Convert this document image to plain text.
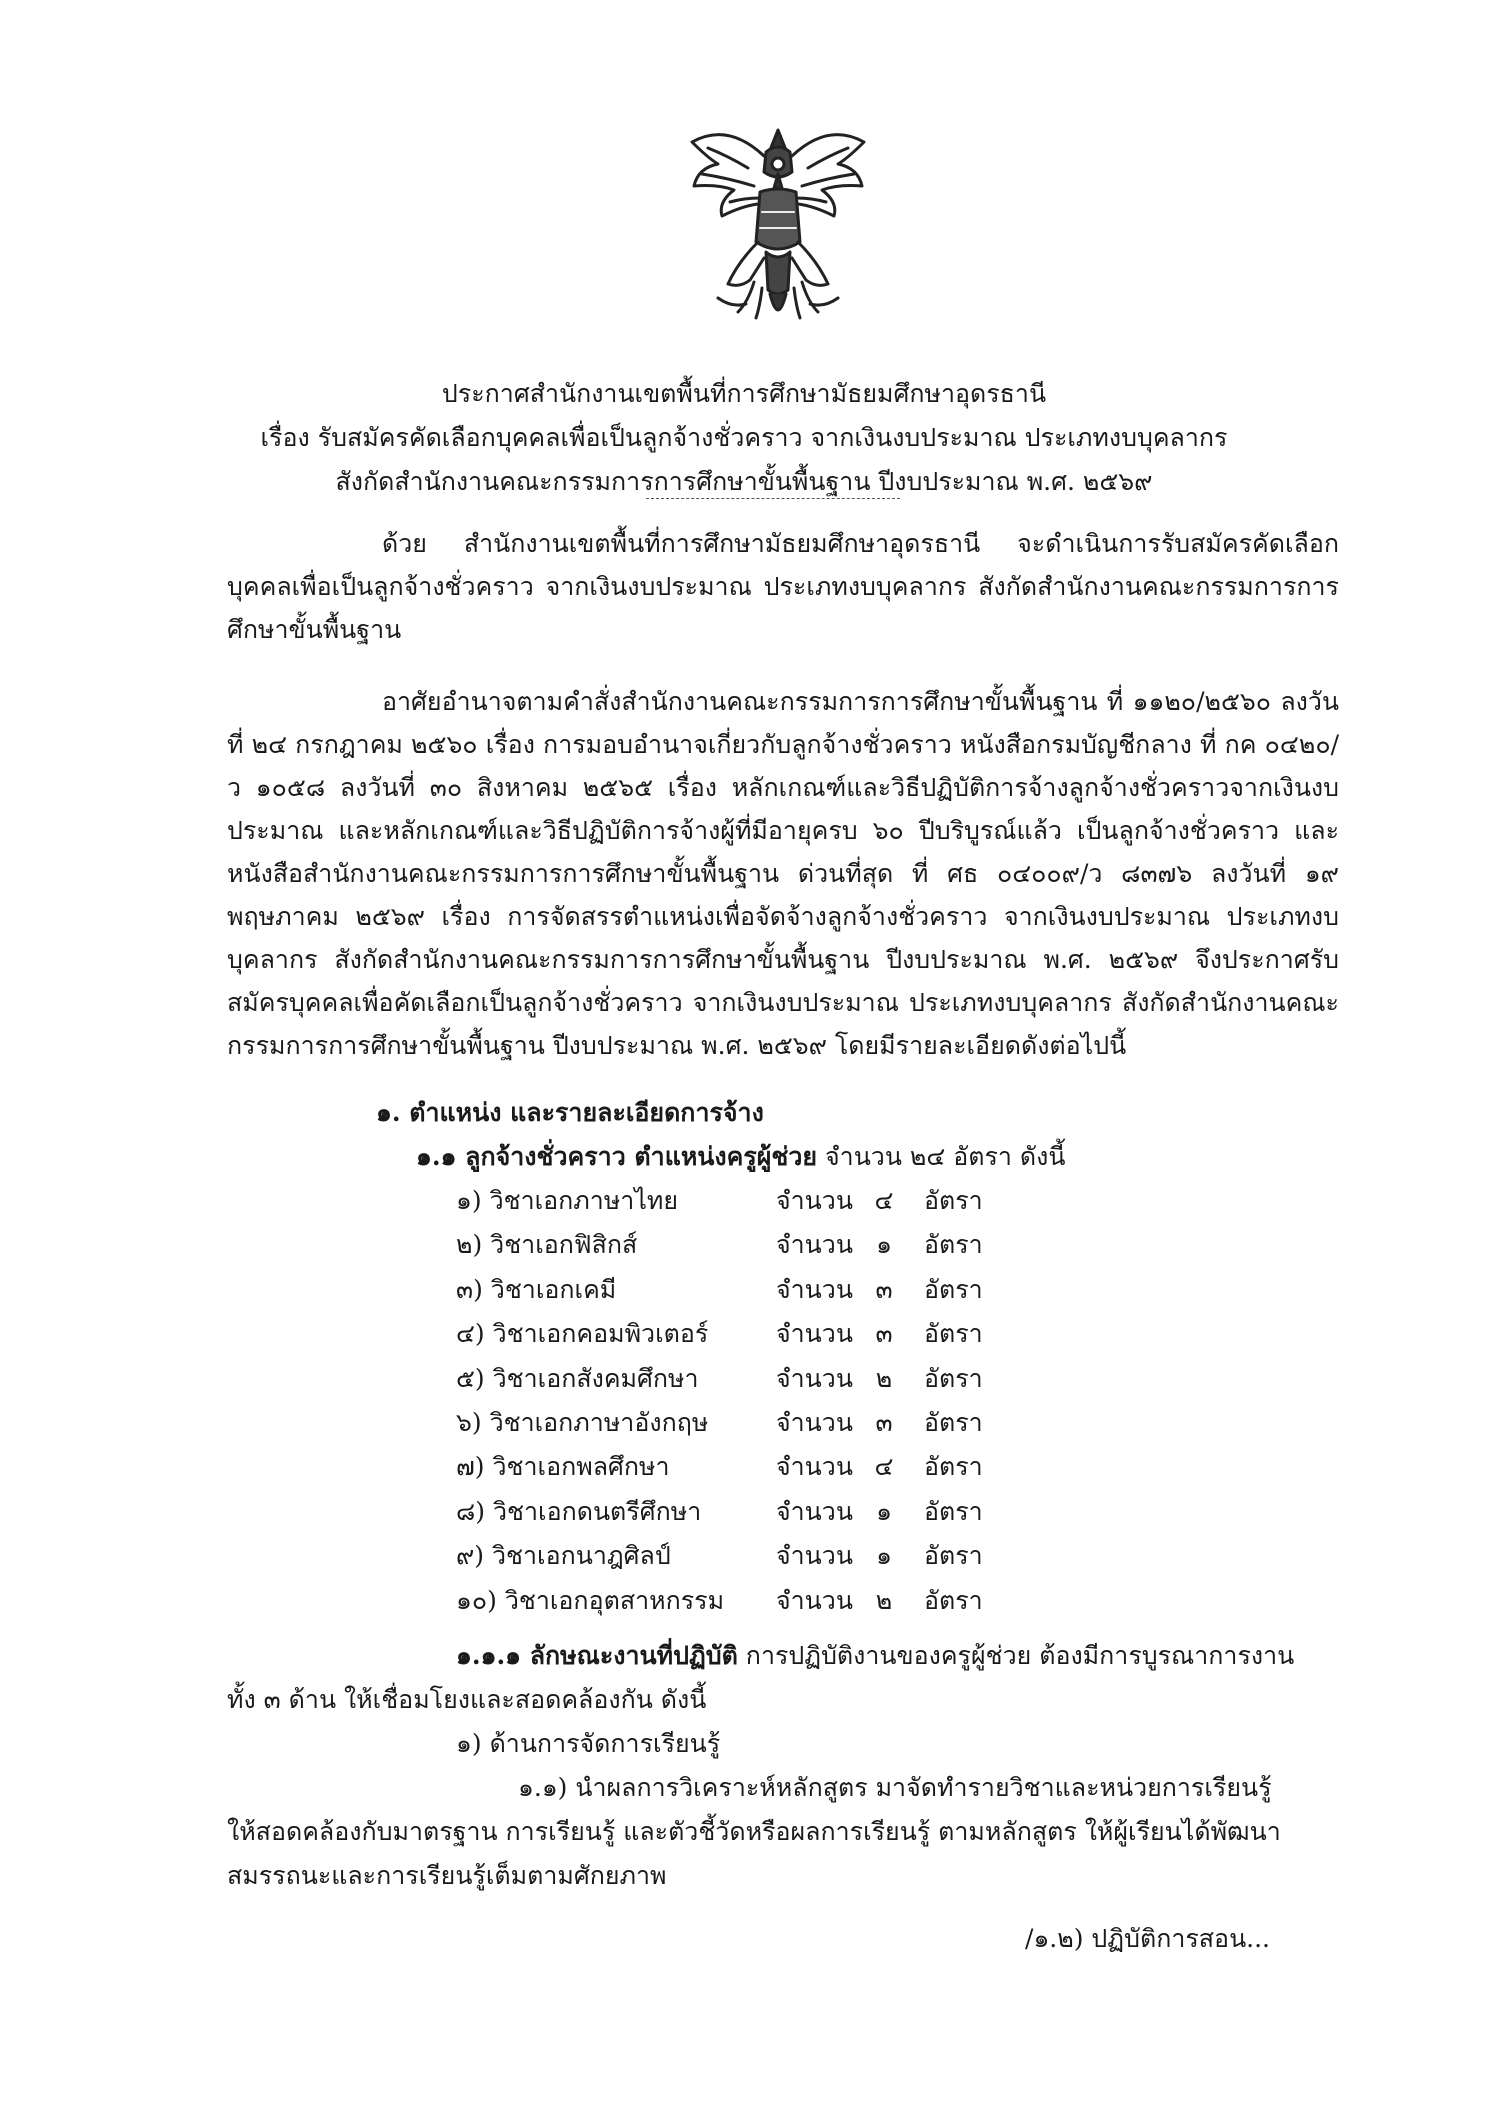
ประกาศสำนักงานเขตพื้นที่การศึกษามัธยมศึกษาอุดรธานี
เรื่อง รับสมัครคัดเลือกบุคคลเพื่อเป็นลูกจ้างชั่วคราว จากเงินงบประมาณ ประเภทงบบุคลากร
สังกัดสำนักงานคณะกรรมการการศึกษาขั้นพื้นฐาน ปีงบประมาณ พ.ศ. ๒๕๖๙
ด้วย สำนักงานเขตพื้นที่การศึกษามัธยมศึกษาอุดรธานี จะดำเนินการรับสมัครคัดเลือกบุคคลเพื่อเป็นลูกจ้างชั่วคราว จากเงินงบประมาณ ประเภทงบบุคลากร สังกัดสำนักงานคณะกรรมการการศึกษาขั้นพื้นฐาน
อาศัยอำนาจตามคำสั่งสำนักงานคณะกรรมการการศึกษาขั้นพื้นฐาน ที่ ๑๑๒๐/๒๕๖๐ ลงวันที่ ๒๔ กรกฎาคม ๒๕๖๐ เรื่อง การมอบอำนาจเกี่ยวกับลูกจ้างชั่วคราว หนังสือกรมบัญชีกลาง ที่ กค ๐๔๒๐/ว ๑๐๕๘ ลงวันที่ ๓๐ สิงหาคม ๒๕๖๕ เรื่อง หลักเกณฑ์และวิธีปฏิบัติการจ้างลูกจ้างชั่วคราวจากเงินงบประมาณ และหลักเกณฑ์และวิธีปฏิบัติการจ้างผู้ที่มีอายุครบ ๖๐ ปีบริบูรณ์แล้ว เป็นลูกจ้างชั่วคราว และหนังสือสำนักงานคณะกรรมการการศึกษาขั้นพื้นฐาน ด่วนที่สุด ที่ ศธ ๐๔๐๐๙/ว ๘๓๗๖ ลงวันที่ ๑๙ พฤษภาคม ๒๕๖๙ เรื่อง การจัดสรรตำแหน่งเพื่อจัดจ้างลูกจ้างชั่วคราว จากเงินงบประมาณ ประเภทงบบุคลากร สังกัดสำนักงานคณะกรรมการการศึกษาขั้นพื้นฐาน ปีงบประมาณ พ.ศ. ๒๕๖๙ จึงประกาศรับสมัครบุคคลเพื่อคัดเลือกเป็นลูกจ้างชั่วคราว จากเงินงบประมาณ ประเภทงบบุคลากร สังกัดสำนักงานคณะกรรมการการศึกษาขั้นพื้นฐาน ปีงบประมาณ พ.ศ. ๒๕๖๙ โดยมีรายละเอียดดังต่อไปนี้
๑. ตำแหน่ง และรายละเอียดการจ้าง
๑.๑ ลูกจ้างชั่วคราว ตำแหน่งครูผู้ช่วย จำนวน ๒๔ อัตรา ดังนี้
๑) วิชาเอกภาษาไทย	จำนวน ๔	อัตรา
๒) วิชาเอกฟิสิกส์	จำนวน ๑	อัตรา
๓) วิชาเอกเคมี	จำนวน ๓	อัตรา
๔) วิชาเอกคอมพิวเตอร์	จำนวน ๓	อัตรา
๕) วิชาเอกสังคมศึกษา	จำนวน ๒	อัตรา
๖) วิชาเอกภาษาอังกฤษ	จำนวน ๓	อัตรา
๗) วิชาเอกพลศึกษา	จำนวน ๔	อัตรา
๘) วิชาเอกดนตรีศึกษา	จำนวน ๑	อัตรา
๙) วิชาเอกนาฎศิลป์	จำนวน ๑	อัตรา
๑๐) วิชาเอกอุตสาหกรรม จำนวน ๒	อัตรา
๑.๑.๑ ลักษณะงานที่ปฏิบัติ การปฏิบัติงานของครูผู้ช่วย ต้องมีการบูรณาการงาน
ทั้ง ๓ ด้าน ให้เชื่อมโยงและสอดคล้องกัน ดังนี้
๑) ด้านการจัดการเรียนรู้
๑.๑) นำผลการวิเคราะห์หลักสูตร มาจัดทำรายวิชาและหน่วยการเรียนรู้
ให้สอดคล้องกับมาตรฐาน การเรียนรู้ และตัวชี้วัดหรือผลการเรียนรู้ ตามหลักสูตร ให้ผู้เรียนได้พัฒนา
สมรรถนะและการเรียนรู้เต็มตามศักยภาพ
/๑.๒) ปฏิบัติการสอน...
